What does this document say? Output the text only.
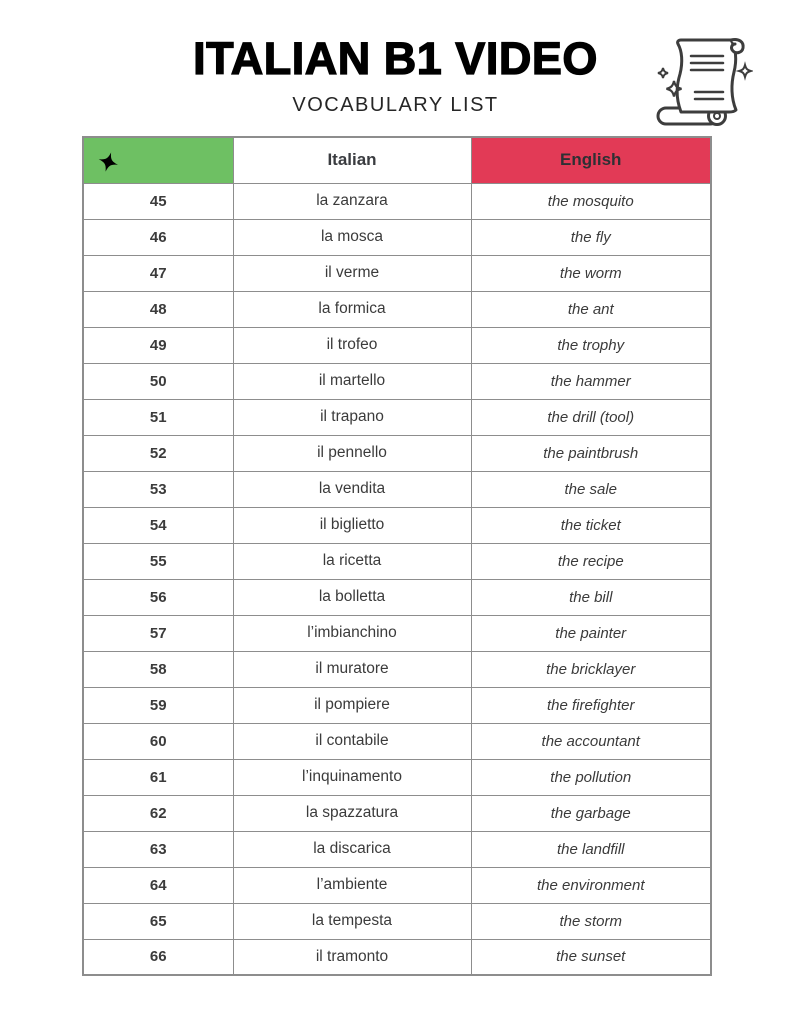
ITALIAN B1 VIDEO
VOCABULARY LIST
	Italian	English
45	la zanzara	the mosquito
46	la mosca	the fly
47	il verme	the worm
48	la formica	the ant
49	il trofeo	the trophy
50	il martello	the hammer
51	il trapano	the drill (tool)
52	il pennello	the paintbrush
53	la vendita	the sale
54	il biglietto	the ticket
55	la ricetta	the recipe
56	la bolletta	the bill
57	l’imbianchino	the painter
58	il muratore	the bricklayer
59	il pompiere	the firefighter
60	il contabile	the accountant
61	l’inquinamento	the pollution
62	la spazzatura	the garbage
63	la discarica	the landfill
64	l’ambiente	the environment
65	la tempesta	the storm
66	il tramonto	the sunset
